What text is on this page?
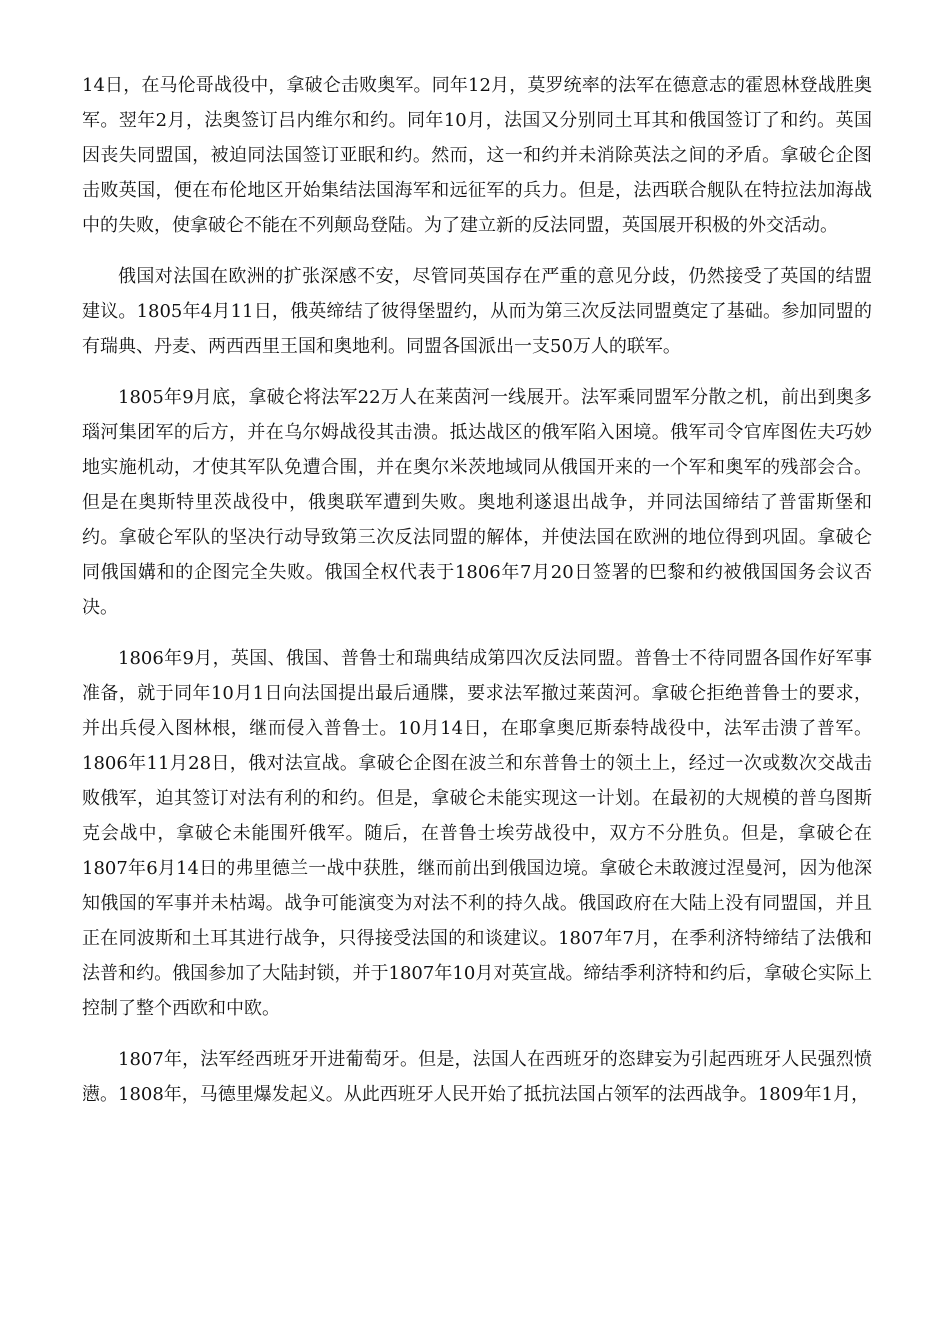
14日，在马伦哥战役中，拿破仑击败奥军。同年12月，莫罗统率的法军在德意志的霍恩林登战胜奥军。翌年2月，法奥签订吕内维尔和约。同年10月，法国又分别同土耳其和俄国签订了和约。英国因丧失同盟国，被迫同法国签订亚眠和约。然而，这一和约并未消除英法之间的矛盾。拿破仑企图击败英国，便在布伦地区开始集结法国海军和远征军的兵力。但是，法西联合舰队在特拉法加海战中的失败，使拿破仑不能在不列颠岛登陆。为了建立新的反法同盟，英国展开积极的外交活动。

俄国对法国在欧洲的扩张深感不安，尽管同英国存在严重的意见分歧，仍然接受了英国的结盟建议。1805年4月11日，俄英缔结了彼得堡盟约，从而为第三次反法同盟奠定了基础。参加同盟的有瑞典、丹麦、两西西里王国和奥地利。同盟各国派出一支50万人的联军。

1805年9月底，拿破仑将法军22万人在莱茵河一线展开。法军乘同盟军分散之机，前出到奥多瑙河集团军的后方，并在乌尔姆战役其击溃。抵达战区的俄军陷入困境。俄军司令官库图佐夫巧妙地实施机动，才使其军队免遭合围，并在奥尔米茨地域同从俄国开来的一个军和奥军的残部会合。但是在奥斯特里茨战役中，俄奥联军遭到失败。奥地利遂退出战争，并同法国缔结了普雷斯堡和约。拿破仑军队的坚决行动导致第三次反法同盟的解体，并使法国在欧洲的地位得到巩固。拿破仑同俄国媾和的企图完全失败。俄国全权代表于1806年7月20日签署的巴黎和约被俄国国务会议否决。

1806年9月，英国、俄国、普鲁士和瑞典结成第四次反法同盟。普鲁士不待同盟各国作好军事准备，就于同年10月1日向法国提出最后通牒，要求法军撤过莱茵河。拿破仑拒绝普鲁士的要求，并出兵侵入图林根，继而侵入普鲁士。10月14日，在耶拿奥厄斯泰特战役中，法军击溃了普军。1806年11月28日，俄对法宣战。拿破仑企图在波兰和东普鲁士的领土上，经过一次或数次交战击败俄军，迫其签订对法有利的和约。但是，拿破仑未能实现这一计划。在最初的大规模的普乌图斯克会战中，拿破仑未能围歼俄军。随后，在普鲁士埃劳战役中，双方不分胜负。但是，拿破仑在1807年6月14日的弗里德兰一战中获胜，继而前出到俄国边境。拿破仑未敢渡过涅曼河，因为他深知俄国的军事并未枯竭。战争可能演变为对法不利的持久战。俄国政府在大陆上没有同盟国，并且正在同波斯和土耳其进行战争，只得接受法国的和谈建议。1807年7月，在季利济特缔结了法俄和法普和约。俄国参加了大陆封锁，并于1807年10月对英宣战。缔结季利济特和约后，拿破仑实际上控制了整个西欧和中欧。

1807年，法军经西班牙开进葡萄牙。但是，法国人在西班牙的恣肆妄为引起西班牙人民强烈愤懑。1808年，马德里爆发起义。从此西班牙人民开始了抵抗法国占领军的法西战争。1809年1月，
